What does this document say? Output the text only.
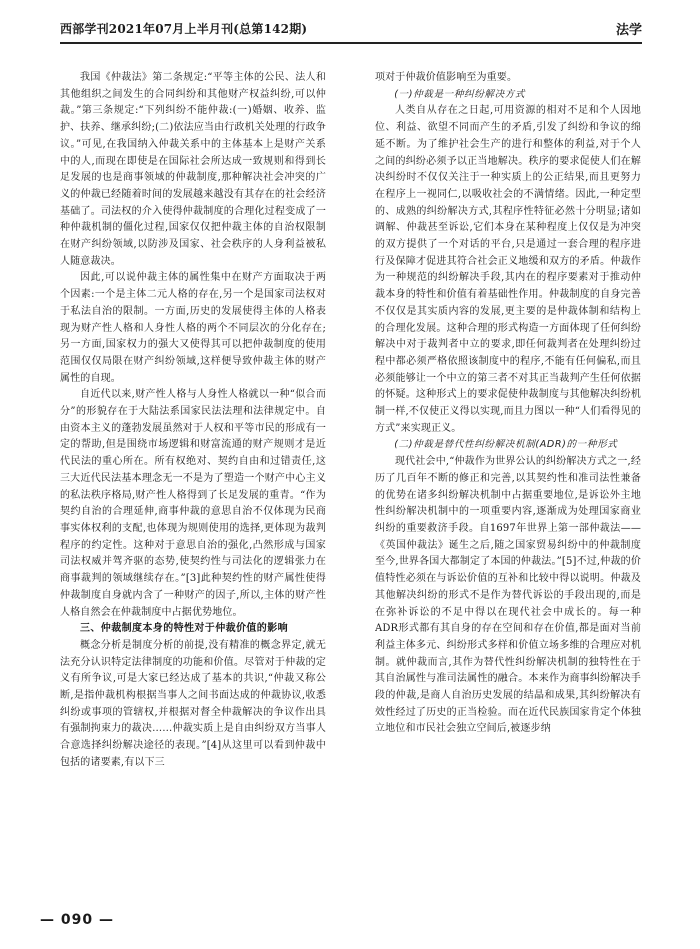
西部学刊2021年07月上半月刊(总第142期)	法学

我国《仲裁法》第二条规定:“平等主体的公民、法人和其他组织之间发生的合同纠纷和其他财产权益纠纷,可以仲裁。”第三条规定:“下列纠纷不能仲裁:(一)婚姻、收养、监护、扶养、继承纠纷;(二)依法应当由行政机关处理的行政争议。”可见,在我国纳入仲裁关系中的主体基本上是财产关系中的人,而现在即使是在国际社会所达成一致规则和得到长足发展的也是商事领域的仲裁制度,那种解决社会冲突的广义的仲裁已经随着时间的发展越来越没有其存在的社会经济基础了。司法权的介入使得仲裁制度的合理化过程变成了一种仲裁机制的僵化过程,国家仅仅把仲裁主体的自治权限制在财产纠纷领域,以防涉及国家、社会秩序的人身利益被私人随意裁决。

因此,可以说仲裁主体的属性集中在财产方面取决于两个因素:一个是主体二元人格的存在,另一个是国家司法权对于私法自治的限制。一方面,历史的发展使得主体的人格表现为财产性人格和人身性人格的两个不同层次的分化存在;另一方面,国家权力的强大又使得其可以把仲裁制度的使用范围仅仅局限在财产纠纷领域,这样便导致仲裁主体的财产属性的自现。

自近代以来,财产性人格与人身性人格就以一种“似合而分”的形貌存在于大陆法系国家民法法理和法律规定中。自由资本主义的蓬勃发展虽然对于人权和平等市民的形成有一定的帮助,但是围绕市场逻辑和财富流通的财产规则才是近代民法的重心所在。所有权绝对、契约自由和过错责任,这三大近代民法基本理念无一不是为了塑造一个财产中心主义的私法秩序格局,财产性人格得到了长足发展的重青。“作为契约自治的合理延伸,商事仲裁的意思自治不仅体现为民商事实体权利的支配,也体现为规则使用的选择,更体现为裁判程序的约定性。这种对于意思自治的强化,凸然形成与国家司法权威并驾齐驱的态势,使契约性与司法化的逻辑张力在商事裁判的领域继续存在。”[3]此种契约性的财产属性使得仲裁制度自身就内含了一种财产的因子,所以,主体的财产性人格自然会在仲裁制度中占据优势地位。

三、仲裁制度本身的特性对于仲裁价值的影响

概念分析是制度分析的前提,没有精准的概念界定,就无法充分认识特定法律制度的功能和价值。尽管对于仲裁的定义有所争议,可是大家已经达成了基本的共识,“仲裁又称公断,是指仲裁机构根据当事人之间书面达成的仲裁协议,收悉纠纷或事项的管辖权,并根据对督全仲裁解决的争议作出具有强制拘束力的裁决……仲裁实质上是自由纠纷双方当事人合意选择纠纷解决途径的表现。”[4]从这里可以看到仲裁中包括的诸要素,有以下三

项对于仲裁价值影响至为重要。

(一)仲裁是一种纠纷解决方式

人类自从存在之日起,可用资源的相对不足和个人因地位、利益、欲望不同而产生的矛盾,引发了纠纷和争议的绵延不断。为了维护社会生产的进行和整体的利益,对于个人之间的纠纷必须予以正当地解决。秩序的要求促使人们在解决纠纷时不仅仅关注于一种实质上的公正结果,而且更努力在程序上一视同仁,以吸收社会的不满情绪。因此,一种定型的、成熟的纠纷解决方式,其程序性特征必然十分明显;诸如调解、仲裁甚至诉讼,它们本身在某种程度上仅仅是为冲突的双方提供了一个对话的平台,只是通过一套合理的程序进行及保障才促进其符合社会正义地缓和双方的矛盾。仲裁作为一种规范的纠纷解决手段,其内在的程序要素对于推动仲裁本身的特性和价值有着基础性作用。仲裁制度的自身完善不仅仅是其实质内容的发展,更主要的是仲裁体制和结构上的合理化发展。这种合理的形式构造一方面体现了任何纠纷解决中对于裁判者中立的要求,即任何裁判者在处理纠纷过程中都必须严格依照该制度中的程序,不能有任何偏私,而且必须能够让一个中立的第三者不对其正当裁判产生任何依据的怀疑。这种形式上的要求促使仲裁制度与其他解决纠纷机制一样,不仅使正义得以实现,而且力图以一种“人们看得见的方式”来实现正义。

(二)仲裁是替代性纠纷解决机制(ADR)的一种形式

现代社会中,“仲裁作为世界公认的纠纷解决方式之一,经历了几百年不断的修正和完善,以其契约性和准司法性兼备的优势在诸多纠纷解决机制中占据重要地位,是诉讼外主地性纠纷解决机制中的一项重要内容,逐渐成为处理国家商业纠纷的重要救济手段。自1697年世界上第一部仲裁法——《英国仲裁法》诞生之后,随之国家贸易纠纷中的仲裁制度至今,世界各国大都制定了本国的仲裁法。”[5]不过,仲裁的价值特性必须在与诉讼价值的互补和比较中得以说明。仲裁及其他解决纠纷的形式不是作为替代诉讼的手段出现的,而是在弥补诉讼的不足中得以在现代社会中成长的。每一种ADR形式都有其自身的存在空间和存在价值,都是面对当前利益主体多元、纠纷形式多样和价值立场多维的合理应对机制。就仲裁而言,其作为替代性纠纷解决机制的独特性在于其自治属性与准司法属性的融合。本来作为商事纠纷解决手段的仲裁,是商人自治历史发展的结晶和成果,其纠纷解决有效性经过了历史的正当检验。而在近代民族国家肯定个体独立地位和市民社会独立空间后,被逐步纳

— 090 —
